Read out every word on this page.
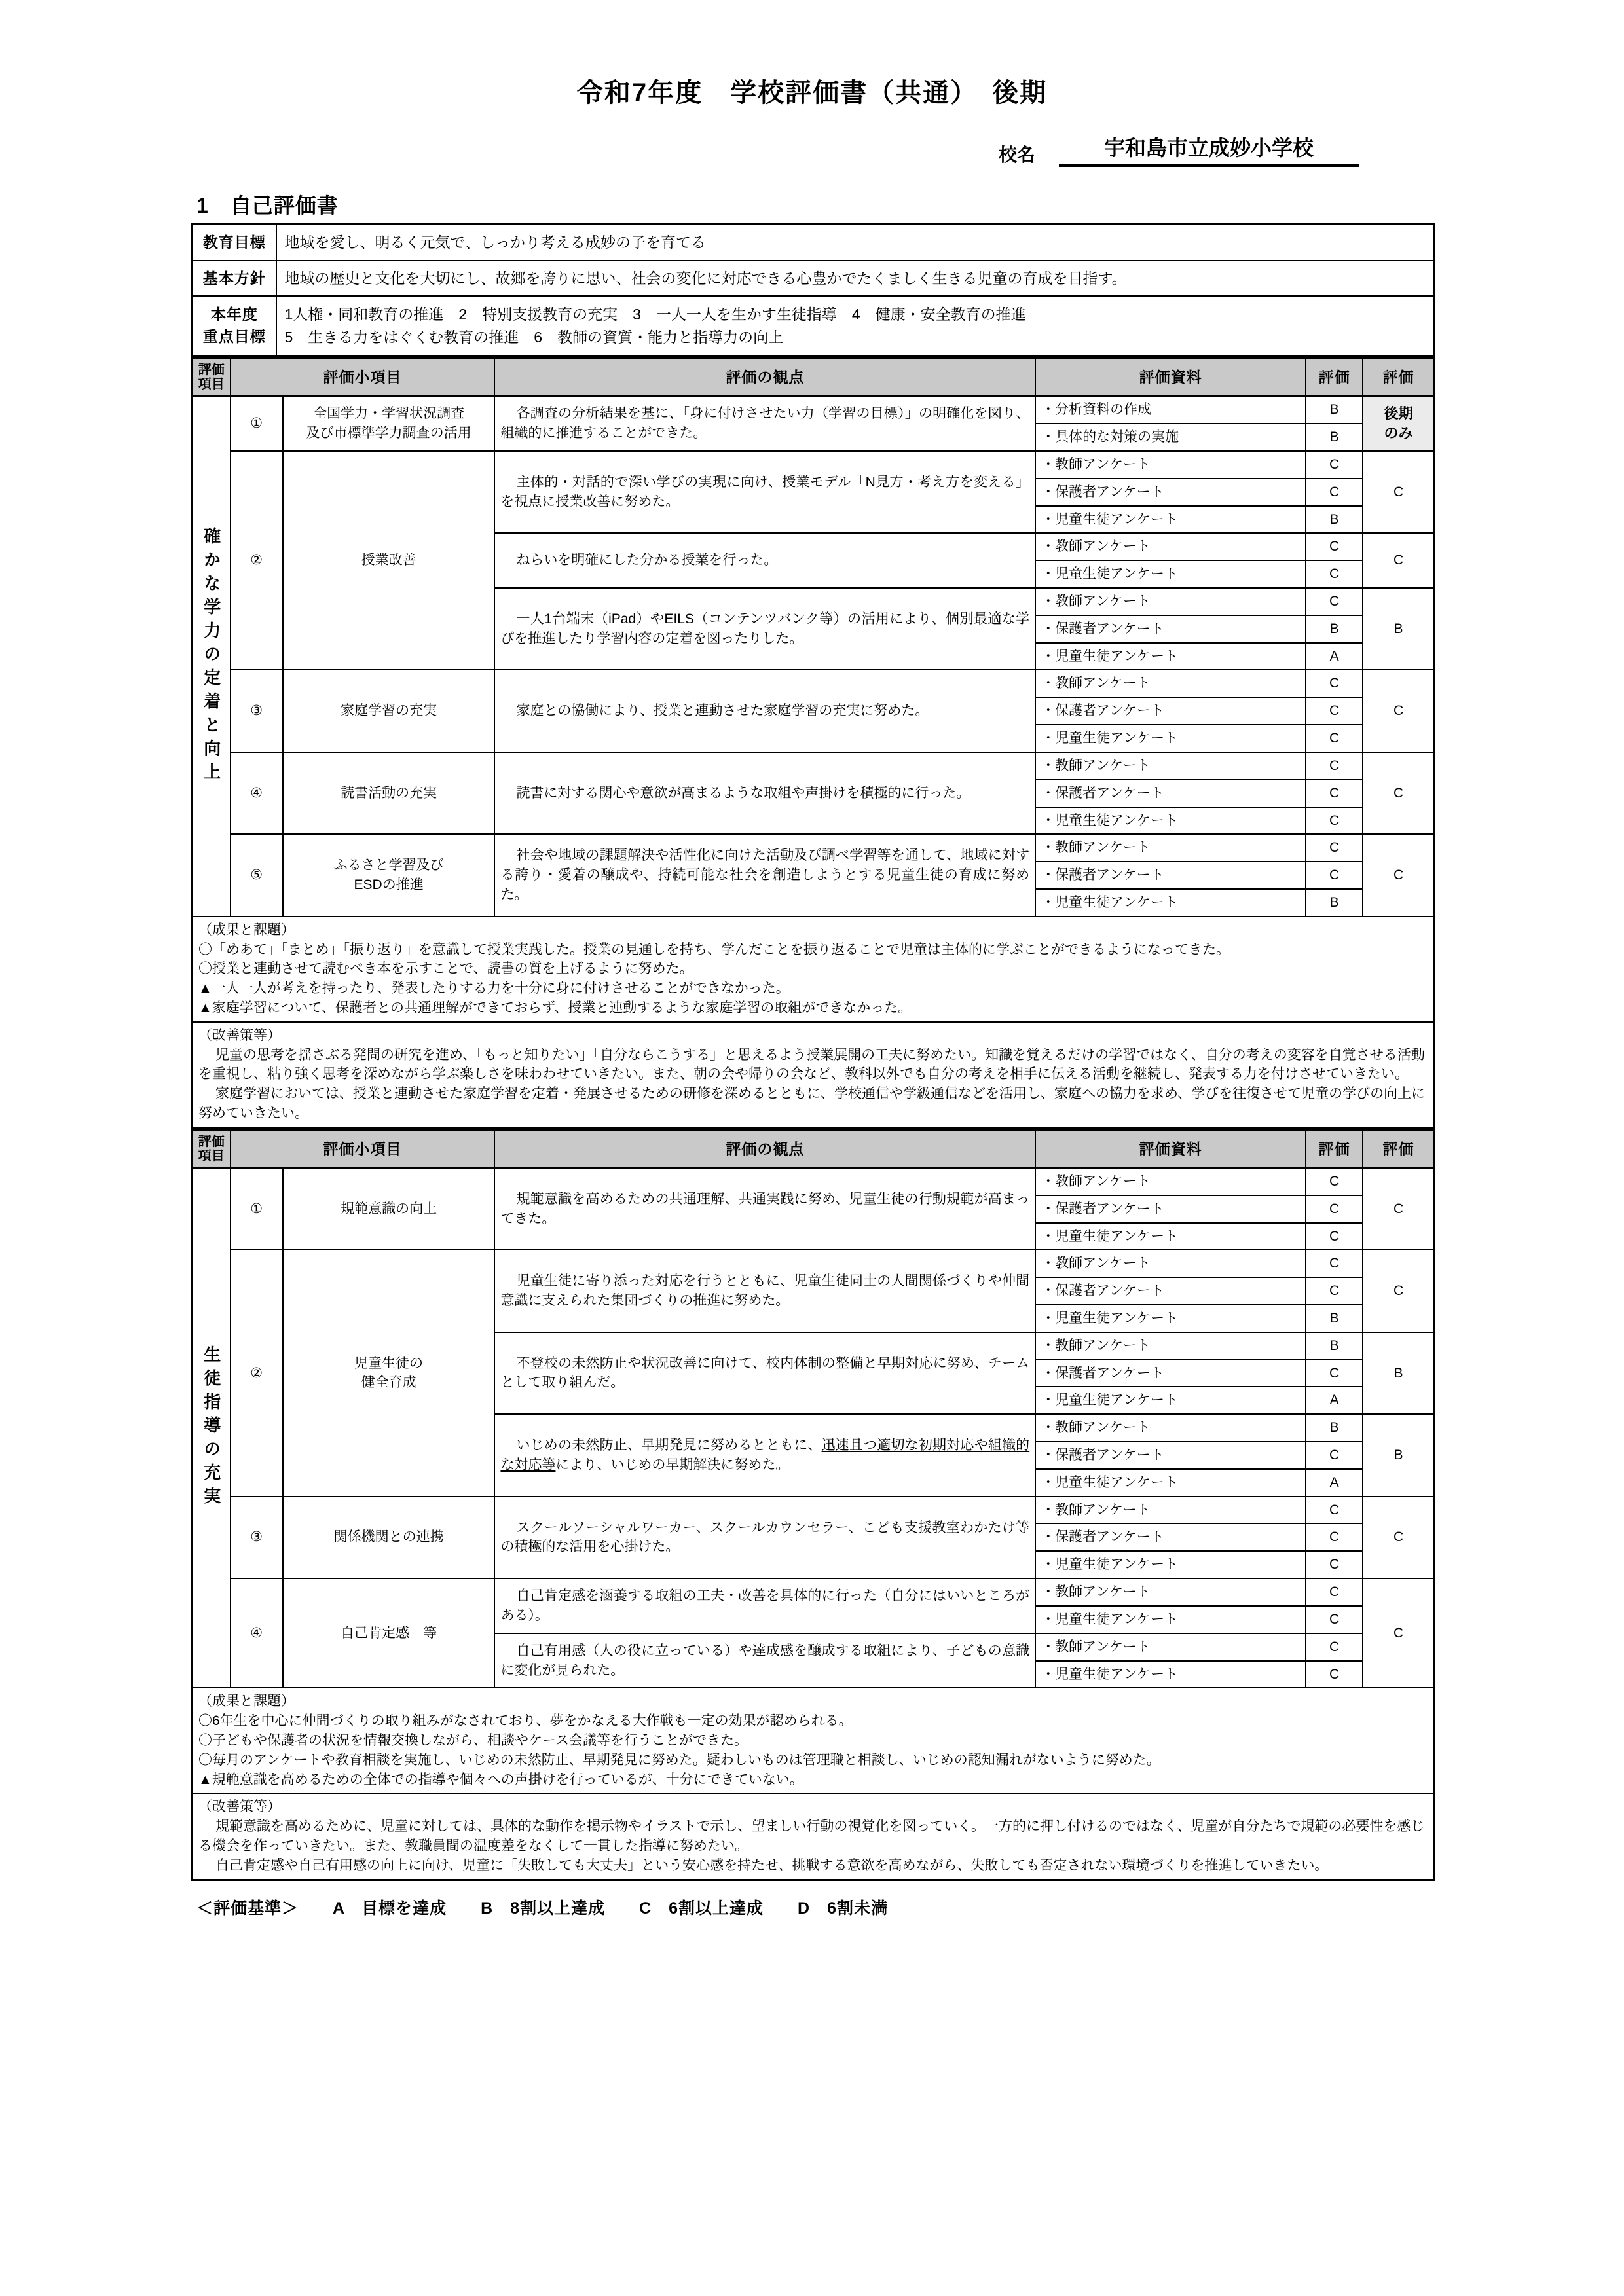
令和7年度　学校評価書（共通）　後期
校名	宇和島市立成妙小学校
1　自己評価書
教育目標	地域を愛し、明るく元気で、しっかり考える成妙の子を育てる
基本方針	地域の歴史と文化を大切にし、故郷を誇りに思い、社会の変化に対応できる心豊かでたくましく生きる児童の育成を目指す。

本年度
重点目標

1人権・同和教育の推進　2　特別支援教育の充実　3　一人一人を生かす生徒指導　4　健康・安全教育の推進
5　生きる力をはぐくむ教育の推進　6　教師の資質・能力と指導力の向上
評価
項目	評価小項目		評価の観点	評価資料	評価	評価

確かな学力の定着と向上	①	全国学力・学習状況調査
及び市標準学力調査の活用	各調査の分析結果を基に、「身に付けさせたい力（学習の目標）」の明確化を図り、組織的に推進することができた。	・分析資料の作成	B	後期
のみ
				・具体的な対策の実施	B	
	②	授業改善	主体的・対話的で深い学びの実現に向け、授業モデル「N見方・考え方を変える」を視点に授業改善に努めた。	・教師アンケート	C	C
				・保護者アンケート	C	
				・児童生徒アンケート	B	
			ねらいを明確にした分かる授業を行った。	・教師アンケート	C	C
				・児童生徒アンケート	C	
			一人1台端末（iPad）やEILS（コンテンツバンク等）の活用により、個別最適な学びを推進したり学習内容の定着を図ったりした。	・教師アンケート	C	B
				・保護者アンケート	B	
				・児童生徒アンケート	A	
	③	家庭学習の充実	家庭との協働により、授業と連動させた家庭学習の充実に努めた。	・教師アンケート	C	C
				・保護者アンケート	C	
				・児童生徒アンケート	C	
	④	読書活動の充実	読書に対する関心や意欲が高まるような取組や声掛けを積極的に行った。	・教師アンケート	C	C
				・保護者アンケート	C	
				・児童生徒アンケート	C	
	⑤	ふるさと学習及び
ESDの推進	社会や地域の課題解決や活性化に向けた活動及び調べ学習等を通して、地域に対する誇り・愛着の醸成や、持続可能な社会を創造しようとする児童生徒の育成に努めた。	・教師アンケート	C	C
				・保護者アンケート	C	
				・児童生徒アンケート	B	

（成果と課題）

〇「めあて」「まとめ」「振り返り」を意識して授業実践した。授業の見通しを持ち、学んだことを振り返ることで児童は主体的に学ぶことができるようになってきた。

〇授業と連動させて読むべき本を示すことで、読書の質を上げるように努めた。

▲一人一人が考えを持ったり、発表したりする力を十分に身に付けさせることができなかった。

▲家庭学習について、保護者との共通理解ができておらず、授業と連動するような家庭学習の取組ができなかった。						

（改善策等）

児童の思考を揺さぶる発問の研究を進め、「もっと知りたい」「自分ならこうする」と思えるよう授業展開の工夫に努めたい。知識を覚えるだけの学習ではなく、自分の考えの変容を自覚させる活動を重視し、粘り強く思考を深めながら学ぶ楽しさを味わわせていきたい。また、朝の会や帰りの会など、教科以外でも自分の考えを相手に伝える活動を継続し、発表する力を付けさせていきたい。

家庭学習においては、授業と連動させた家庭学習を定着・発展させるための研修を深めるとともに、学校通信や学級通信などを活用し、家庭への協力を求め、学びを往復させて児童の学びの向上に努めていきたい。						

評価
項目	評価小項目		評価の観点	評価資料	評価	評価

生徒指導の充実	①	規範意識の向上	規範意識を高めるための共通理解、共通実践に努め、児童生徒の行動規範が高まってきた。	・教師アンケート	C	C
				・保護者アンケート	C	
				・児童生徒アンケート	C	
	②	児童生徒の
健全育成	児童生徒に寄り添った対応を行うとともに、児童生徒同士の人間関係づくりや仲間意識に支えられた集団づくりの推進に努めた。	・教師アンケート	C	C
				・保護者アンケート	C	
				・児童生徒アンケート	B	
			不登校の未然防止や状況改善に向けて、校内体制の整備と早期対応に努め、チームとして取り組んだ。	・教師アンケート	B	B
				・保護者アンケート	C	
				・児童生徒アンケート	A	
			いじめの未然防止、早期発見に努めるとともに、迅速且つ適切な初期対応や組織的な対応等により、いじめの早期解決に努めた。	・教師アンケート	B	B
				・保護者アンケート	C	
				・児童生徒アンケート	A	
	③	関係機関との連携	スクールソーシャルワーカー、スクールカウンセラー、こども支援教室わかたけ等の積極的な活用を心掛けた。	・教師アンケート	C	C
				・保護者アンケート	C	
				・児童生徒アンケート	C	
	④	自己肯定感　等	自己肯定感を涵養する取組の工夫・改善を具体的に行った（自分にはいいところがある）。	・教師アンケート	C	C
				・児童生徒アンケート	C	
			自己有用感（人の役に立っている）や達成感を醸成する取組により、子どもの意識に変化が見られた。	・教師アンケート	C	
				・児童生徒アンケート	C	

（成果と課題）

〇6年生を中心に仲間づくりの取り組みがなされており、夢をかなえる大作戦も一定の効果が認められる。

〇子どもや保護者の状況を情報交換しながら、相談やケース会議等を行うことができた。

〇毎月のアンケートや教育相談を実施し、いじめの未然防止、早期発見に努めた。疑わしいものは管理職と相談し、いじめの認知漏れがないように努めた。

▲規範意識を高めるための全体での指導や個々への声掛けを行っているが、十分にできていない。						

（改善策等）

規範意識を高めるために、児童に対しては、具体的な動作を掲示物やイラストで示し、望ましい行動の視覚化を図っていく。一方的に押し付けるのではなく、児童が自分たちで規範の必要性を感じる機会を作っていきたい。また、教職員間の温度差をなくして一貫した指導に努めたい。

自己肯定感や自己有用感の向上に向け、児童に「失敗しても大丈夫」という安心感を持たせ、挑戦する意欲を高めながら、失敗しても否定されない環境づくりを推進していきたい。						

＜評価基準＞　　A　目標を達成　　B　8割以上達成　　C　6割以上達成　　D　6割未満
